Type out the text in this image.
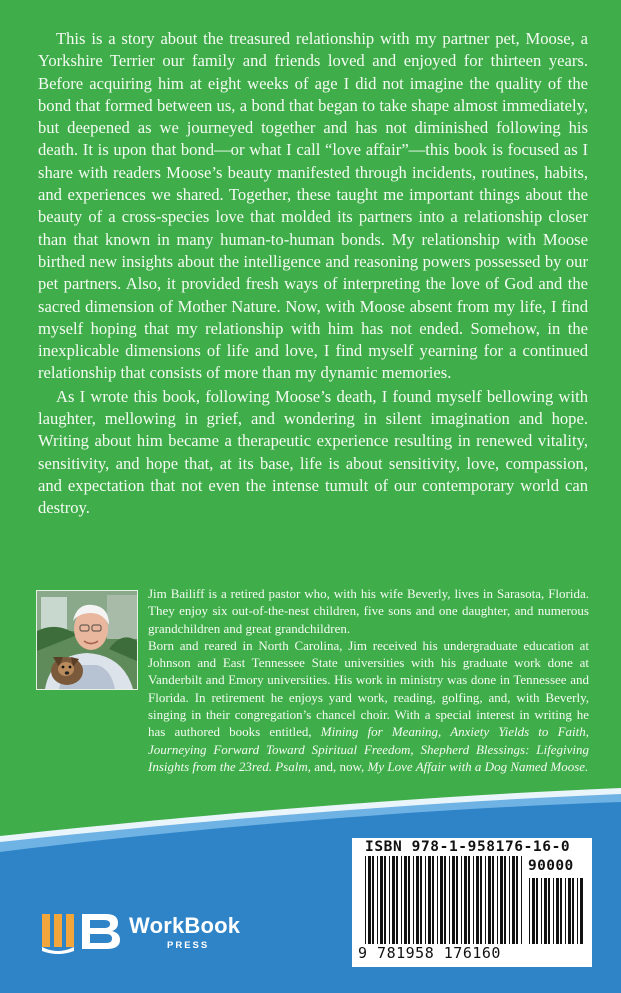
This is a story about the treasured relationship with my partner pet, Moose, a Yorkshire Terrier our family and friends loved and enjoyed for thirteen years. Before acquiring him at eight weeks of age I did not imagine the quality of the bond that formed between us, a bond that began to take shape almost immediately, but deepened as we journeyed together and has not diminished following his death. It is upon that bond—or what I call “love affair”—this book is focused as I share with readers Moose’s beauty manifested through incidents, routines, habits, and experiences we shared. Together, these taught me important things about the beauty of a cross-species love that molded its partners into a relationship closer than that known in many human-to-human bonds. My relationship with Moose birthed new insights about the intelligence and reasoning powers possessed by our pet partners. Also, it provided fresh ways of interpreting the love of God and the sacred dimension of Mother Nature. Now, with Moose absent from my life, I find myself hoping that my relationship with him has not ended. Somehow, in the inexplicable dimensions of life and love, I find myself yearning for a continued relationship that consists of more than my dynamic memories.

As I wrote this book, following Moose’s death, I found myself bellowing with laughter, mellowing in grief, and wondering in silent imagination and hope. Writing about him became a therapeutic experience resulting in renewed vitality, sensitivity, and hope that, at its base, life is about sensitivity, love, compassion, and expectation that not even the intense tumult of our contemporary world can destroy.

Jim Bailiff is a retired pastor who, with his wife Beverly, lives in Sarasota, Florida. They enjoy six out-of-the-nest children, five sons and one daughter, and numerous grandchildren and great grandchildren.

Born and reared in North Carolina, Jim received his undergraduate education at Johnson and East Tennessee State universities with his graduate work done at Vanderbilt and Emory universities. His work in ministry was done in Tennessee and Florida. In retirement he enjoys yard work, reading, golfing, and, with Beverly, singing in their congregation’s chancel choir. With a special interest in writing he has authored books entitled, Mining for Meaning, Anxiety Yields to Faith, Journeying Forward Toward Spiritual Freedom, Shepherd Blessings: Lifegiving Insights from the 23red. Psalm, and, now, My Love Affair with a Dog Named Moose.

ISBN 978-1-958176-16-0
90000
9 781958 176160
WorkBook
PRESS
